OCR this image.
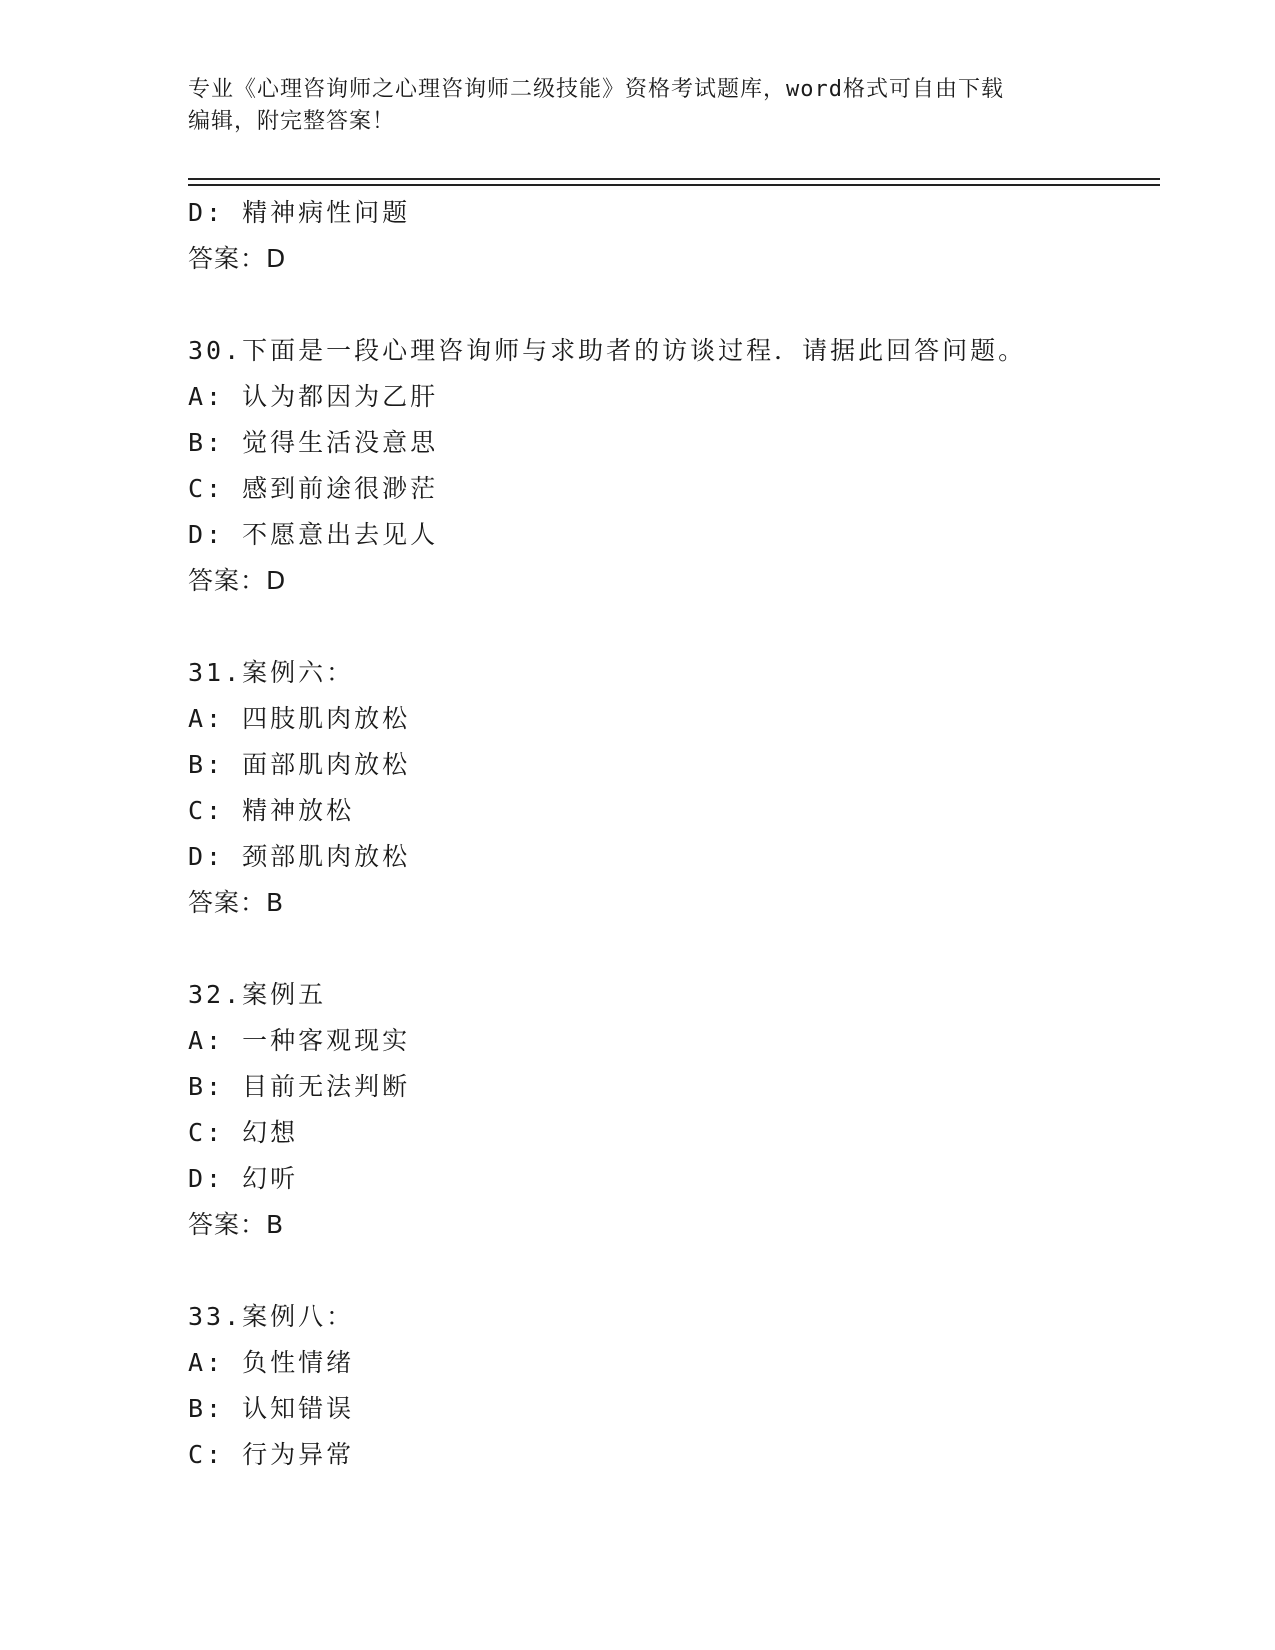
专业《心理咨询师之心理咨询师二级技能》资格考试题库，word格式可自由下载
编辑，附完整答案！
D: 精神病性问题
答案：D
30.下面是一段心理咨询师与求助者的访谈过程．请据此回答问题。
A: 认为都因为乙肝
B: 觉得生活没意思
C: 感到前途很渺茫
D: 不愿意出去见人
答案：D
31.案例六：
A: 四肢肌肉放松
B: 面部肌肉放松
C: 精神放松
D: 颈部肌肉放松
答案：B
32.案例五
A: 一种客观现实
B: 目前无法判断
C: 幻想
D: 幻听
答案：B
33.案例八：
A: 负性情绪
B: 认知错误
C: 行为异常
